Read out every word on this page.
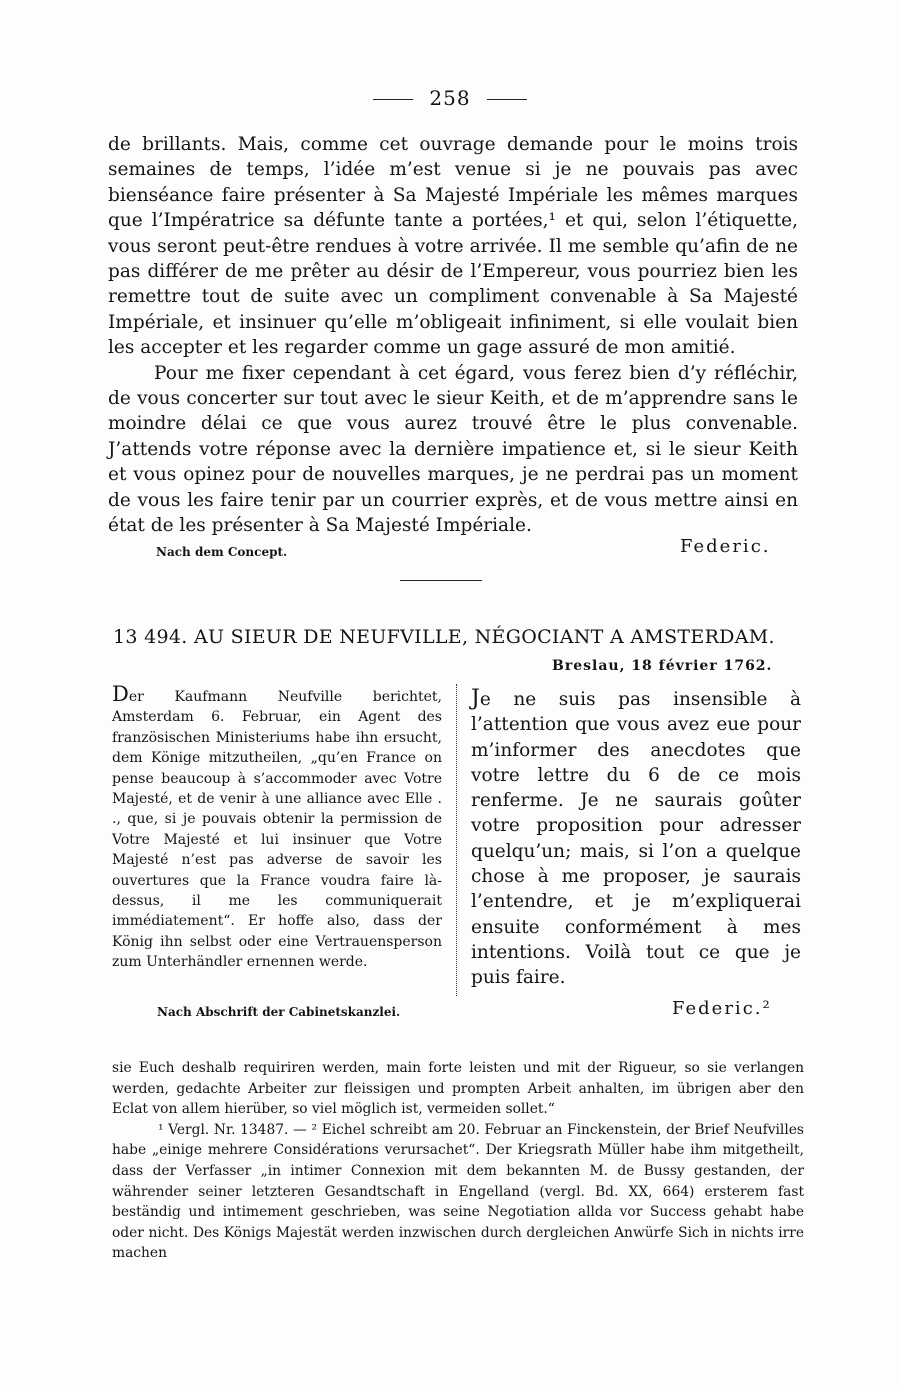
258

de brillants. Mais, comme cet ouvrage demande pour le moins trois semaines de temps, l’idée m’est venue si je ne pouvais pas avec bienséance faire présenter à Sa Majesté Impériale les mêmes marques que l’Impératrice sa défunte tante a portées,¹ et qui, selon l’étiquette, vous seront peut-être rendues à votre arrivée. Il me semble qu’afin de ne pas différer de me prêter au désir de l’Empereur, vous pourriez bien les remettre tout de suite avec un compliment convenable à Sa Majesté Impériale, et insinuer qu’elle m’obligeait infiniment, si elle voulait bien les accepter et les regarder comme un gage assuré de mon amitié.

Pour me fixer cependant à cet égard, vous ferez bien d’y réfléchir, de vous concerter sur tout avec le sieur Keith, et de m’apprendre sans le moindre délai ce que vous aurez trouvé être le plus convenable. J’attends votre réponse avec la dernière impatience et, si le sieur Keith et vous opinez pour de nouvelles marques, je ne perdrai pas un moment de vous les faire tenir par un courrier exprès, et de vous mettre ainsi en état de les présenter à Sa Majesté Impériale.

Nach dem Concept.	Federic.
13 494. AU SIEUR DE NEUFVILLE, NÉGOCIANT A AMSTERDAM.
Breslau, 18 février 1762.
Der Kaufmann Neufville berichtet, Amsterdam 6. Februar, ein Agent des französischen Ministeriums habe ihn ersucht, dem Könige mitzutheilen, „qu’en France on pense beaucoup à s’accommoder avec Votre Majesté, et de venir à une alliance avec Elle . ., que, si je pouvais obtenir la permission de Votre Majesté et lui insinuer que Votre Majesté n’est pas adverse de savoir les ouvertures que la France voudra faire là-dessus, il me les communiquerait immédiatement“. Er hoffe also, dass der König ihn selbst oder eine Vertrauensperson zum Unterhändler ernennen werde.
Je ne suis pas insensible à l’attention que vous avez eue pour m’informer des anecdotes que votre lettre du 6 de ce mois renferme. Je ne saurais goûter votre proposition pour adresser quelqu’un; mais, si l’on a quelque chose à me proposer, je saurais l’entendre, et je m’expliquerai ensuite conformément à mes intentions. Voilà tout ce que je puis faire.
Nach Abschrift der Cabinetskanzlei.	Federic.²

sie Euch deshalb requiriren werden, main forte leisten und mit der Rigueur, so sie verlangen werden, gedachte Arbeiter zur fleissigen und prompten Arbeit anhalten, im übrigen aber den Eclat von allem hierüber, so viel möglich ist, vermeiden sollet.“

¹ Vergl. Nr. 13487. — ² Eichel schreibt am 20. Februar an Finckenstein, der Brief Neufvilles habe „einige mehrere Considérations verursachet“. Der Kriegsrath Müller habe ihm mitgetheilt, dass der Verfasser „in intimer Connexion mit dem bekannten M. de Bussy gestanden, der währender seiner letzteren Gesandtschaft in Engelland (vergl. Bd. XX, 664) ersterem fast beständig und intimement geschrieben, was seine Negotiation allda vor Success gehabt habe oder nicht. Des Königs Majestät werden inzwischen durch dergleichen Anwürfe Sich in nichts irre machen
